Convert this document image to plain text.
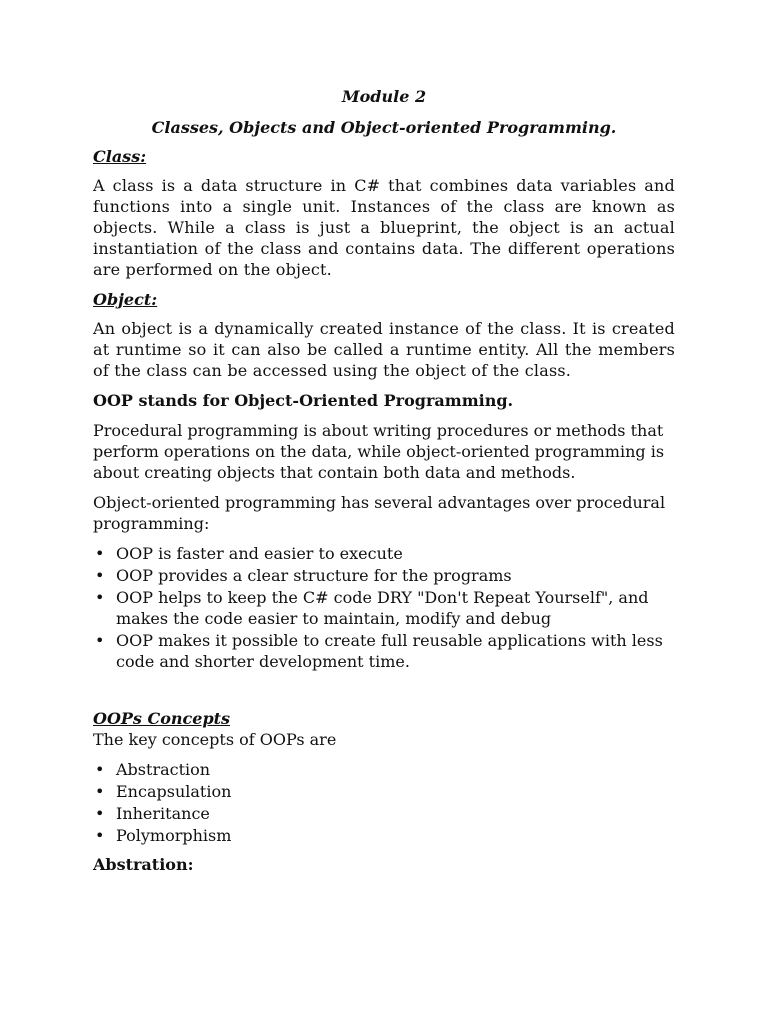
Module 2
Classes, Objects and Object-oriented Programming.
Class:

A class is a data structure in C# that combines data variables and functions into a single unit. Instances of the class are known as objects. While a class is just a blueprint, the object is an actual instantiation of the class and contains data. The different operations are performed on the object.

Object:

An object is a dynamically created instance of the class. It is created at runtime so it can also be called a runtime entity. All the members of the class can be accessed using the object of the class.

OOP stands for Object-Oriented Programming.

Procedural programming is about writing procedures or methods that perform operations on the data, while object-oriented programming is about creating objects that contain both data and methods.

Object-oriented programming has several advantages over procedural programming:

• OOP is faster and easier to execute
• OOP provides a clear structure for the programs
• OOP helps to keep the C# code DRY "Don't Repeat Yourself", and makes the code easier to maintain, modify and debug
• OOP makes it possible to create full reusable applications with less code and shorter development time.
OOPs Concepts
The key concepts of OOPs are
• Abstraction
• Encapsulation
• Inheritance
• Polymorphism
Abstration:
